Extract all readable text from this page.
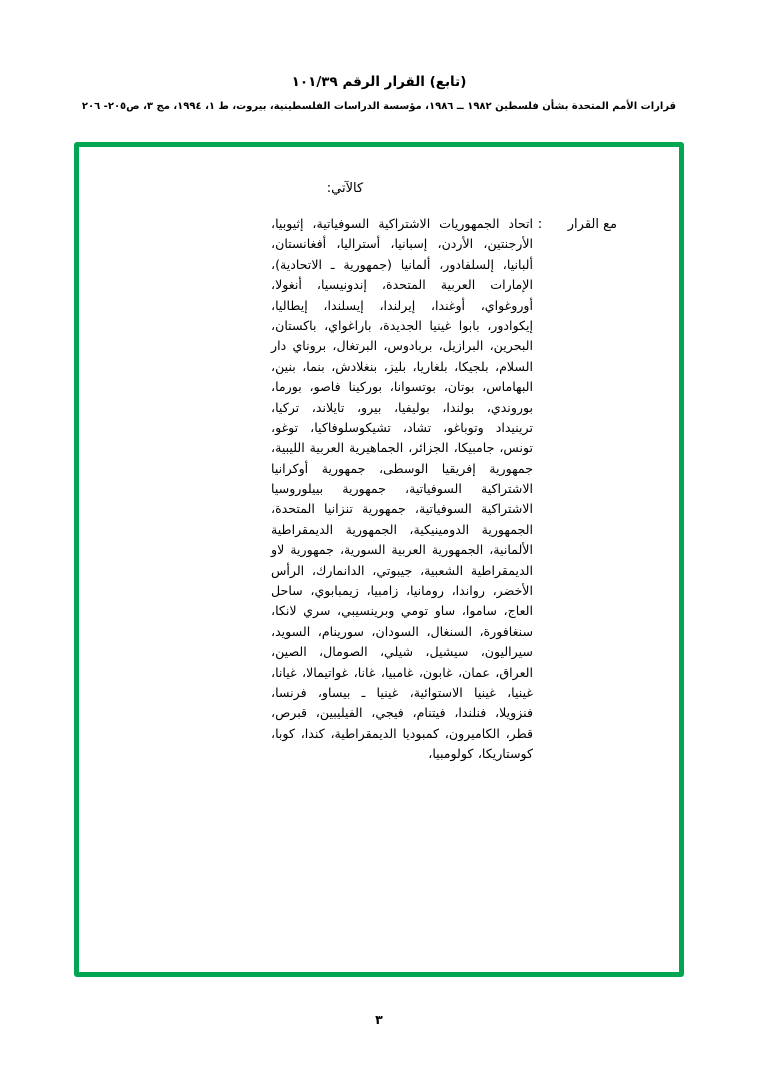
(تابع) القرار الرقم ١٠١/٣٩
قرارات الأمم المتحدة بشأن فلسطين ١٩٨٢ ــ ١٩٨٦، مؤسسة الدراسات الفلسطينية، بيروت، ط ١، ١٩٩٤، مج ٣، ص٢٠٥- ٢٠٦
كالآتي:
مع القرار
:
اتحاد الجمهوريات الاشتراكية السوفياتية، إثيوبيا، الأرجنتين، الأردن، إسبانيا، أستراليا، أفغانستان، ألبانيا، إلسلفادور، ألمانيا (جمهورية ـ الاتحادية)، الإمارات العربية المتحدة، إندونيسيا، أنغولا، أوروغواي، أوغندا، إيرلندا، إيسلندا، إيطاليا، إيكوادور، بابوا غينيا الجديدة، باراغواي، باكستان، البحرين، البرازيل، بربادوس، البرتغال، بروناي دار السلام، بلجيكا، بلغاريا، بليز، بنغلادش، بنما، بنين، البهاماس، بوتان، بوتسوانا، بوركينا فاصو، بورما، بوروندي، بولندا، بوليفيا، بيرو، تايلاند، تركيا، ترينيداد وتوباغو، تشاد، تشيكوسلوفاكيا، توغو، تونس، جامبيكا، الجزائر، الجماهيرية العربية الليبية، جمهورية إفريقيا الوسطى، جمهورية أوكرانيا الاشتراكية السوفياتية، جمهورية بييلوروسيا الاشتراكية السوفياتية، جمهورية تنزانيا المتحدة، الجمهورية الدومينيكية، الجمهورية الديمقراطية الألمانية، الجمهورية العربية السورية، جمهورية لاو الديمقراطية الشعبية، جيبوتي، الدانمارك، الرأس الأخضر، رواندا، رومانيا، زامبيا، زيمبابوي، ساحل العاج، ساموا، ساو تومي وبرينسيبي، سري لانكا، سنغافورة، السنغال، السودان، سورينام، السويد، سيراليون، سيشيل، شيلي، الصومال، الصين، العراق، عمان، غابون، غامبيا، غانا، غواتيمالا، غيانا، غينيا، غينيا الاستوائية، غينيا ـ بيساو، فرنسا، فنزويلا، فنلندا، فيتنام، فيجي، الفيليبين، قبرص، قطر، الكاميرون، كمبوديا الديمقراطية، كندا، كوبا، كوستاريكا، كولومبيا،
٣
